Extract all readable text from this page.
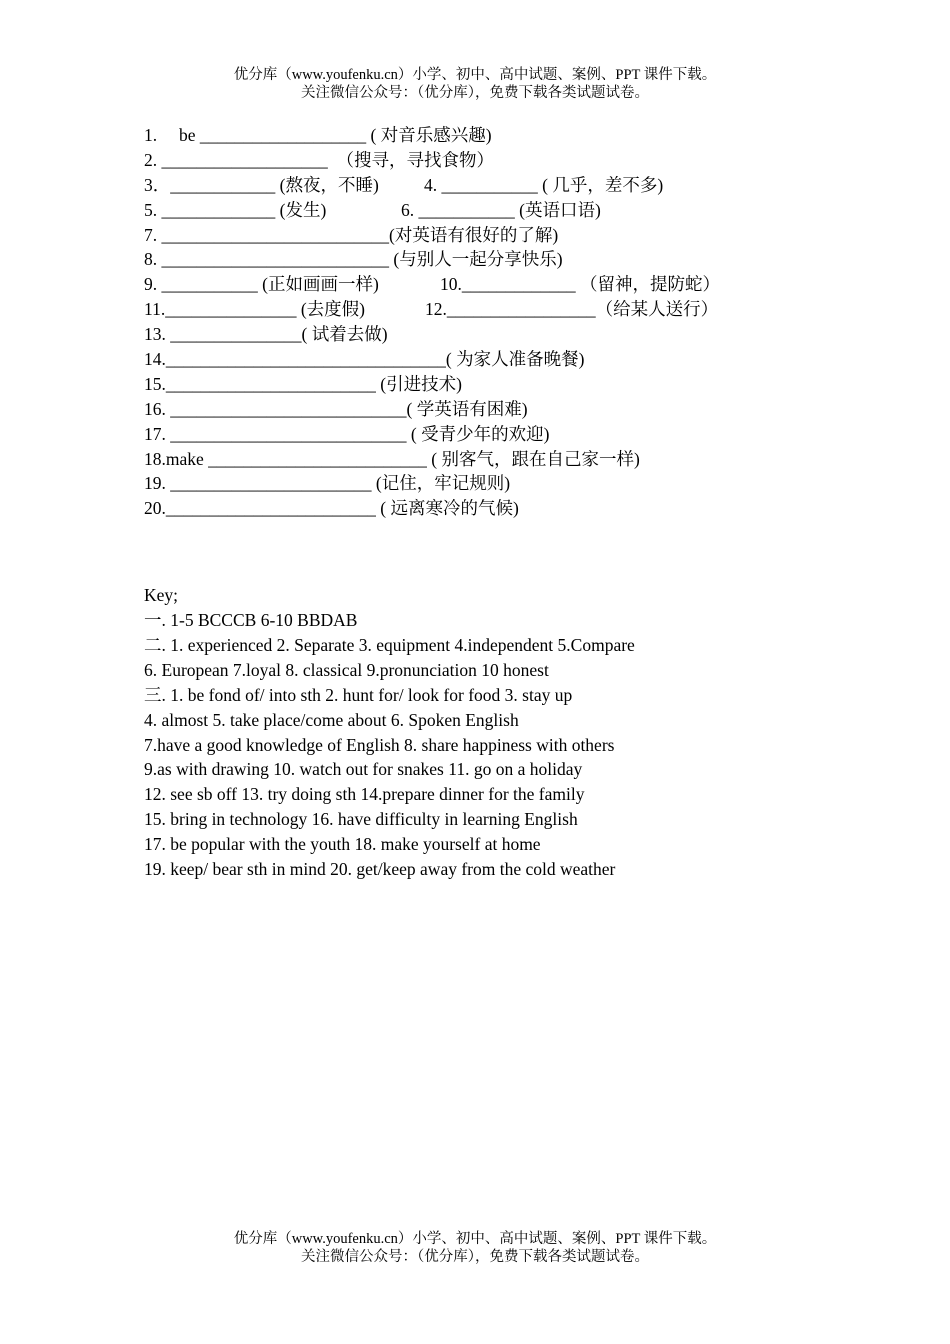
优分库（www.youfenku.cn）小学、初中、高中试题、案例、PPT 课件下载。
关注微信公众号：（优分库），免费下载各类试题试卷。
1.     be ___________________ ( 对音乐感兴趣)
2. ___________________  （搜寻，寻找食物）
3．____________ (熬夜，不睡)	4. ___________ ( 几乎，差不多)
5. _____________ (发生)	6. ___________ (英语口语)
7. __________________________(对英语有很好的了解)
8. __________________________ (与别人一起分享快乐)
9. ___________ (正如画画一样)	10._____________ （留神，提防蛇）
11._______________ (去度假)	12._________________（给某人送行）
13. _______________( 试着去做)
14.________________________________( 为家人准备晚餐)
15.________________________ (引进技术)
16. ___________________________( 学英语有困难)
17. ___________________________ ( 受青少年的欢迎)
18.make _________________________ ( 别客气，跟在自己家一样)
19. _______________________ (记住，牢记规则)
20.________________________ ( 远离寒冷的气候)
Key;
一. 1-5 BCCCB 6-10 BBDAB
二. 1. experienced 2. Separate 3. equipment 4.independent 5.Compare
6. European 7.loyal 8. classical 9.pronunciation 10 honest
三. 1. be fond of/ into sth 2. hunt for/ look for food 3. stay up
4. almost 5. take place/come about 6. Spoken English
7.have a good knowledge of English 8. share happiness with others
9.as with drawing 10. watch out for snakes 11. go on a holiday
12. see sb off 13. try doing sth 14.prepare dinner for the family
15. bring in technology 16. have difficulty in learning English
17. be popular with the youth 18. make yourself at home
19. keep/ bear sth in mind 20. get/keep away from the cold weather
优分库（www.youfenku.cn）小学、初中、高中试题、案例、PPT 课件下载。
关注微信公众号：（优分库），免费下载各类试题试卷。
